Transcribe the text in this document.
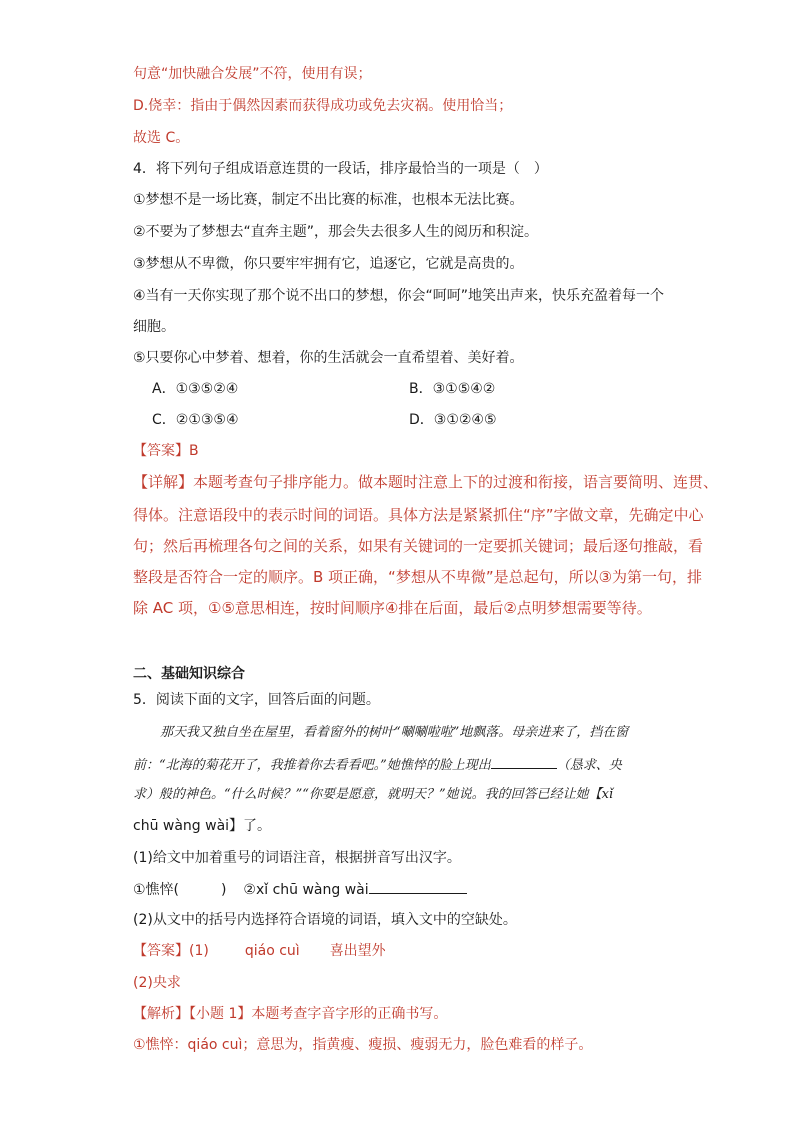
句意“加快融合发展”不符，使用有误；
D.侥幸：指由于偶然因素而获得成功或免去灾祸。使用恰当；
故选 C。
4．将下列句子组成语意连贯的一段话，排序最恰当的一项是（　）
①梦想不是一场比赛，制定不出比赛的标准，也根本无法比赛。
②不要为了梦想去“直奔主题”，那会失去很多人生的阅历和积淀。
③梦想从不卑微，你只要牢牢拥有它，追逐它，它就是高贵的。
④当有一天你实现了那个说不出口的梦想，你会“呵呵”地笑出声来，快乐充盈着每一个
细胞。
⑤只要你心中梦着、想着，你的生活就会一直希望着、美好着。
A．①③⑤②④	B．③①⑤④②
C．②①③⑤④	D．③①②④⑤
【答案】B
【详解】本题考查句子排序能力。做本题时注意上下的过渡和衔接，语言要简明、连贯、
得体。注意语段中的表示时间的词语。具体方法是紧紧抓住“序”字做文章，先确定中心
句；然后再梳理各句之间的关系，如果有关键词的一定要抓关键词；最后逐句推敲，看
整段是否符合一定的顺序。B 项正确，“梦想从不卑微”是总起句，所以③为第一句，排
除 AC 项，①⑤意思相连，按时间顺序④排在后面，最后②点明梦想需要等待。
二、基础知识综合
5．阅读下面的文字，回答后面的问题。
那天我又独自坐在屋里，看着窗外的树叶“唰唰啦啦”地飘落。母亲进来了，挡在窗
前：“北海的菊花开了，我推着你去看看吧。”她憔悴的脸上现出	（恳求、央
求）般的神色。“什么时候？”“你要是愿意，就明天？”她说。我的回答已经让她【xǐ
chū wàng wài】了。
(1)给文中加着重号的词语注音，根据拼音写出汉字。
①憔悴(　　　) ②xǐ chū wàng wài
(2)从文中的括号内选择符合语境的词语，填入文中的空缺处。
【答案】(1)	qiáo cuì 喜出望外
(2)央求
【解析】【小题 1】本题考查字音字形的正确书写。
①憔悴：qiáo cuì；意思为，指黄瘦、瘦损、瘦弱无力，脸色难看的样子。
